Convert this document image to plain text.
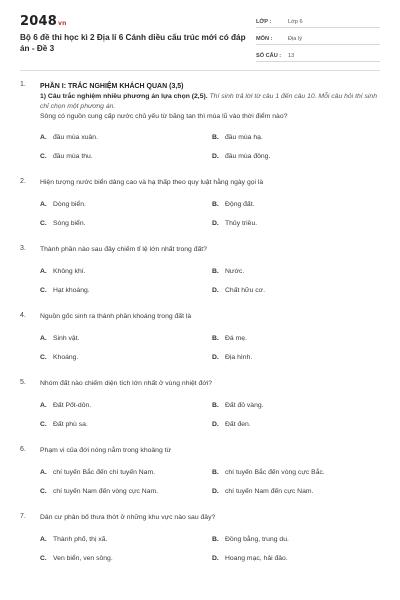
2048vn
Bộ 6 đề thi học kì 2 Địa lí 6 Cánh diều cấu trúc mới có đáp án - Đề 3
LỚP :	Lớp 6
MÔN :	Địa lý
SỐ CÂU :	13
1. PHẦN I: TRẮC NGHIỆM KHÁCH QUAN (3,5)
1) Câu trắc nghiệm nhiều phương án lựa chọn (2,5). Thí sinh trả lời từ câu 1 đến câu 10. Mỗi câu hỏi thí sinh chỉ chọn một phương án.
Sông có nguồn cung cấp nước chủ yếu từ băng tan thì mùa lũ vào thời điểm nào?
A. đầu mùa xuân.	B. đầu mùa hạ.
C. đầu mùa thu.	D. đầu mùa đông.
2. Hiện tượng nước biển dâng cao và hạ thấp theo quy luật hằng ngày gọi là
A. Dòng biển.	B. Động đất.
C. Sóng biển.	D. Thủy triều.
3. Thành phần nào sau đây chiếm tỉ lệ lớn nhất trong đất?
A. Không khí.	B. Nước.
C. Hạt khoáng.	D. Chất hữu cơ.
4. Nguồn gốc sinh ra thành phần khoáng trong đất là
A. Sinh vật.	B. Đá mẹ.
C. Khoáng.	D. Địa hình.
5. Nhóm đất nào chiếm diện tích lớn nhất ở vùng nhiệt đới?
A. Đất Pốt-dôn.	B. Đất đỏ vàng.
C. Đất phù sa.	D. Đất đen.
6. Phạm vi của đới nóng nằm trong khoảng từ
A. chí tuyến Bắc đến chí tuyến Nam.	B. chí tuyến Bắc đến vòng cực Bắc.
C. chí tuyến Nam đến vòng cực Nam.	D. chí tuyến Nam đến cực Nam.
7. Dân cư phân bố thưa thớt ở những khu vực nào sau đây?
A. Thành phố, thị xã.	B. Đồng bằng, trung du.
C. Ven biển, ven sông.	D. Hoang mạc, hải đảo.
